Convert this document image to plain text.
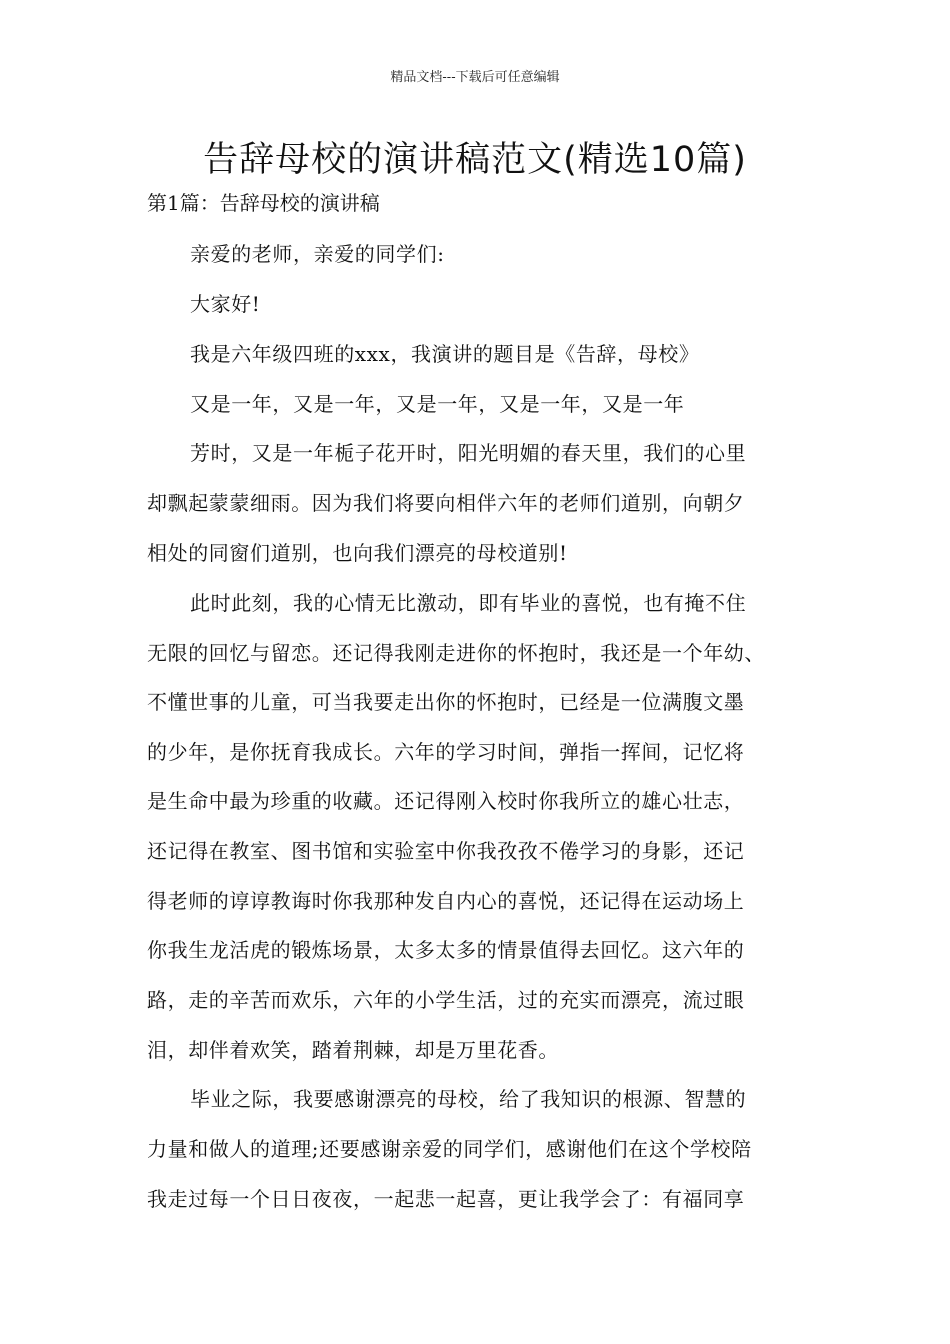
精品文档---下载后可任意编辑
告辞母校的演讲稿范文(精选10篇)
第1篇：告辞母校的演讲稿
亲爱的老师，亲爱的同学们:
大家好!
我是六年级四班的xxx，我演讲的题目是《告辞，母校》
又是一年，又是一年，又是一年，又是一年，又是一年
芳时，又是一年栀子花开时，阳光明媚的春天里，我们的心里
却飘起蒙蒙细雨。因为我们将要向相伴六年的老师们道别，向朝夕
相处的同窗们道别，也向我们漂亮的母校道别!
此时此刻，我的心情无比激动，即有毕业的喜悦，也有掩不住
无限的回忆与留恋。还记得我刚走进你的怀抱时，我还是一个年幼、
不懂世事的儿童，可当我要走出你的怀抱时，已经是一位满腹文墨
的少年，是你抚育我成长。六年的学习时间，弹指一挥间，记忆将
是生命中最为珍重的收藏。还记得刚入校时你我所立的雄心壮志，
还记得在教室、图书馆和实验室中你我孜孜不倦学习的身影，还记
得老师的谆谆教诲时你我那种发自内心的喜悦，还记得在运动场上
你我生龙活虎的锻炼场景，太多太多的情景值得去回忆。这六年的
路，走的辛苦而欢乐，六年的小学生活，过的充实而漂亮，流过眼
泪，却伴着欢笑，踏着荆棘，却是万里花香。
毕业之际，我要感谢漂亮的母校，给了我知识的根源、智慧的
力量和做人的道理;还要感谢亲爱的同学们，感谢他们在这个学校陪
我走过每一个日日夜夜，一起悲一起喜，更让我学会了：有福同享
